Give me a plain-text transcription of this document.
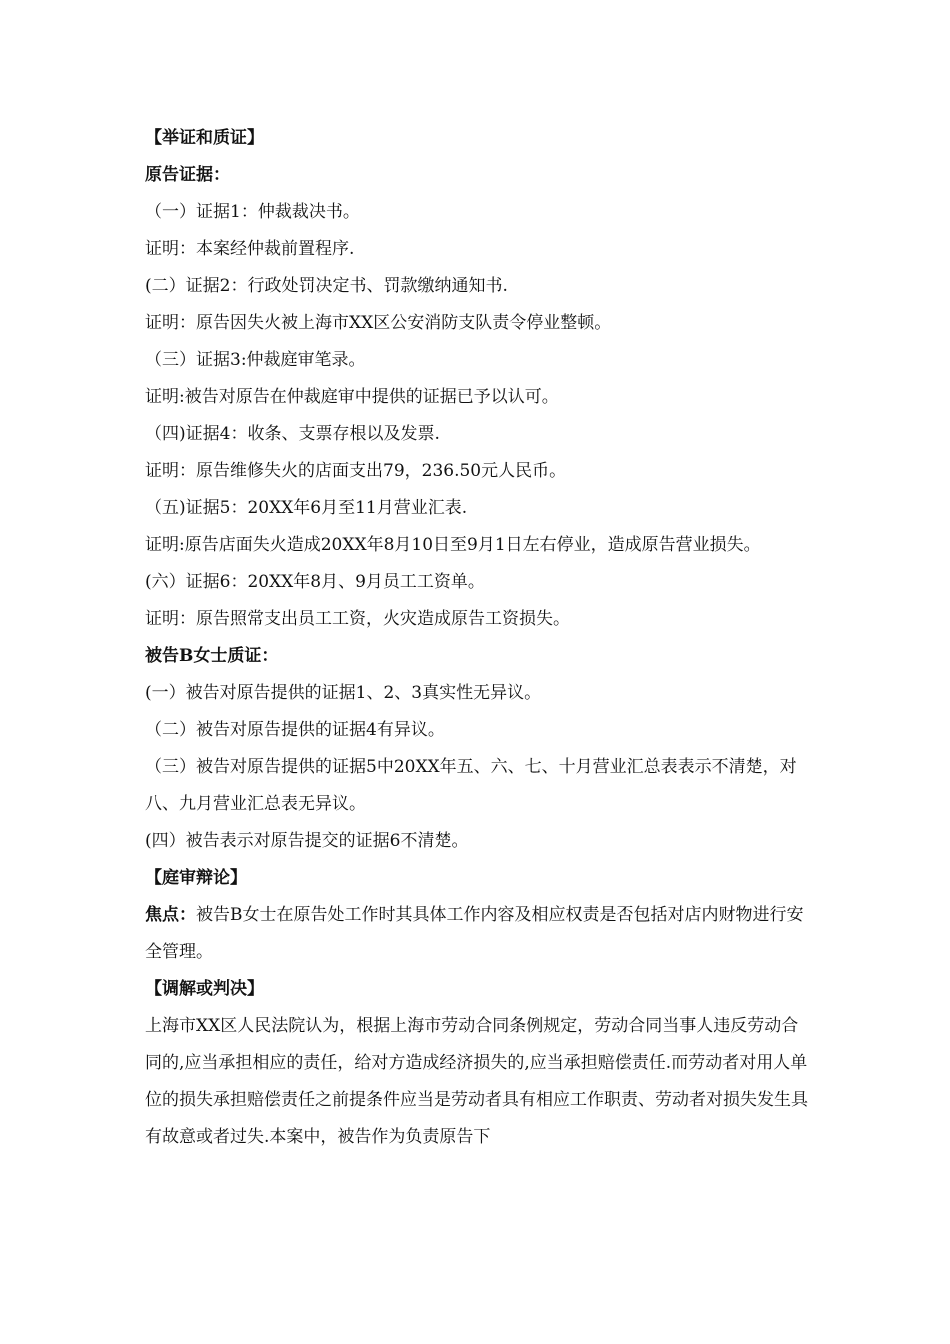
【举证和质证】

原告证据：

（一）证据1：仲裁裁决书。

证明：本案经仲裁前置程序.

(二）证据2：行政处罚决定书、罚款缴纳通知书.

证明：原告因失火被上海市XX区公安消防支队责令停业整顿。

（三）证据3:仲裁庭审笔录。

证明:被告对原告在仲裁庭审中提供的证据已予以认可。

（四)证据4：收条、支票存根以及发票.

证明：原告维修失火的店面支出79，236.50元人民币。

（五)证据5：20XX年6月至11月营业汇表.

证明:原告店面失火造成20XX年8月10日至9月1日左右停业，造成原告营业损失。

(六）证据6：20XX年8月、9月员工工资单。

证明：原告照常支出员工工资，火灾造成原告工资损失。

被告B女士质证：

(一）被告对原告提供的证据1、2、3真实性无异议。

（二）被告对原告提供的证据4有异议。

（三）被告对原告提供的证据5中20XX年五、六、七、十月营业汇总表表示不清楚，对八、九月营业汇总表无异议。

(四）被告表示对原告提交的证据6不清楚。

【庭审辩论】

焦点：被告B女士在原告处工作时其具体工作内容及相应权责是否包括对店内财物进行安全管理。

【调解或判决】

上海市XX区人民法院认为，根据上海市劳动合同条例规定，劳动合同当事人违反劳动合同的,应当承担相应的责任，给对方造成经济损失的,应当承担赔偿责任.而劳动者对用人单位的损失承担赔偿责任之前提条件应当是劳动者具有相应工作职责、劳动者对损失发生具有故意或者过失.本案中，被告作为负责原告下
